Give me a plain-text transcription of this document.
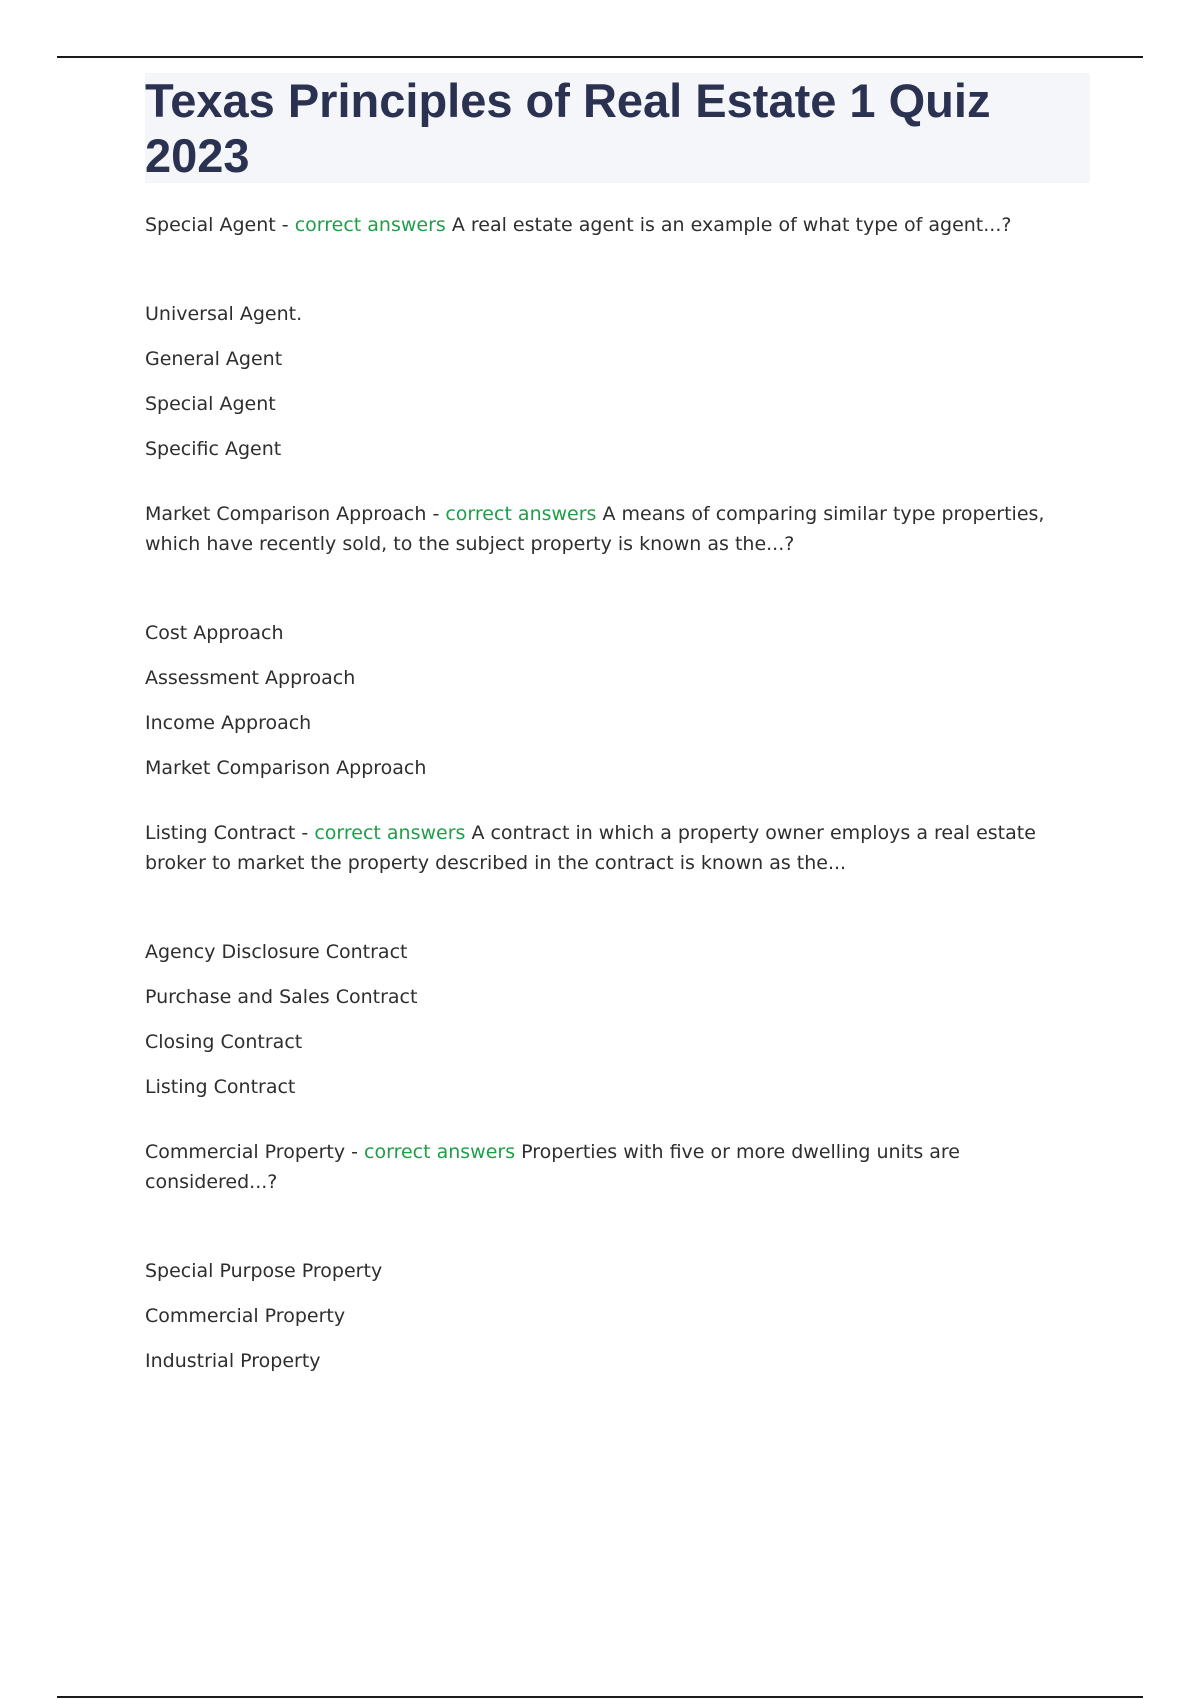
Texas Principles of Real Estate 1 Quiz 2023

Special Agent - correct answers A real estate agent is an example of what type of agent...?

Universal Agent.
General Agent
Special Agent
Specific Agent

Market Comparison Approach - correct answers A means of comparing similar type properties, which have recently sold, to the subject property is known as the...?

Cost Approach
Assessment Approach
Income Approach
Market Comparison Approach

Listing Contract - correct answers A contract in which a property owner employs a real estate broker to market the property described in the contract is known as the...

Agency Disclosure Contract
Purchase and Sales Contract
Closing Contract
Listing Contract

Commercial Property - correct answers Properties with five or more dwelling units are considered...?

Special Purpose Property
Commercial Property
Industrial Property
